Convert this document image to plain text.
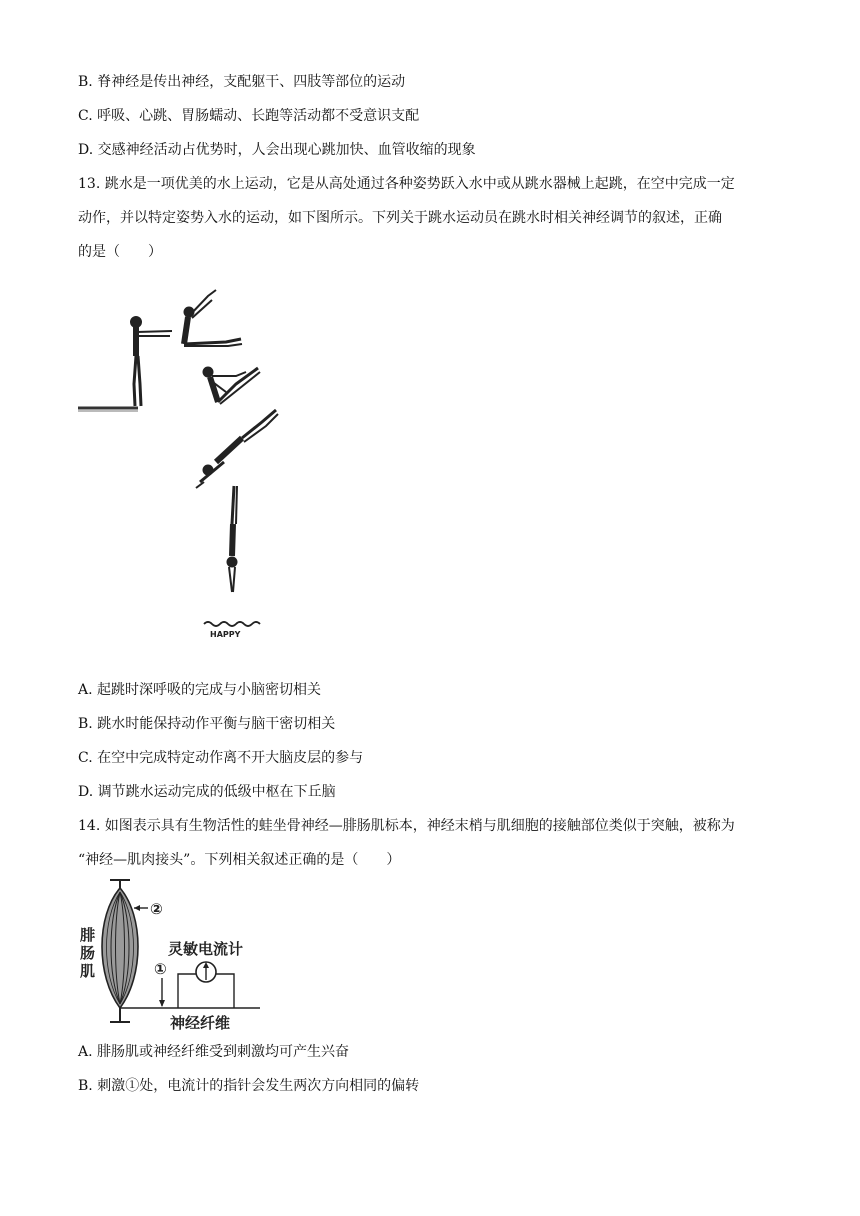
B. 脊神经是传出神经，支配躯干、四肢等部位的运动
C. 呼吸、心跳、胃肠蠕动、长跑等活动都不受意识支配
D. 交感神经活动占优势时，人会出现心跳加快、血管收缩的现象
13. 跳水是一项优美的水上运动，它是从高处通过各种姿势跃入水中或从跳水器械上起跳，在空中完成一定
动作，并以特定姿势入水的运动，如下图所示。下列关于跳水运动员在跳水时相关神经调节的叙述，正确
的是（　　）
HAPPY
A. 起跳时深呼吸的完成与小脑密切相关
B. 跳水时能保持动作平衡与脑干密切相关
C. 在空中完成特定动作离不开大脑皮层的参与
D. 调节跳水运动完成的低级中枢在下丘脑
14. 如图表示具有生物活性的蛙坐骨神经—腓肠肌标本，神经末梢与肌细胞的接触部位类似于突触，被称为
“神经—肌肉接头”。下列相关叙述正确的是（　　）
腓
肠
肌
②
①
灵敏电流计
神经纤维
A. 腓肠肌或神经纤维受到刺激均可产生兴奋
B. 刺激①处，电流计的指针会发生两次方向相同的偏转
